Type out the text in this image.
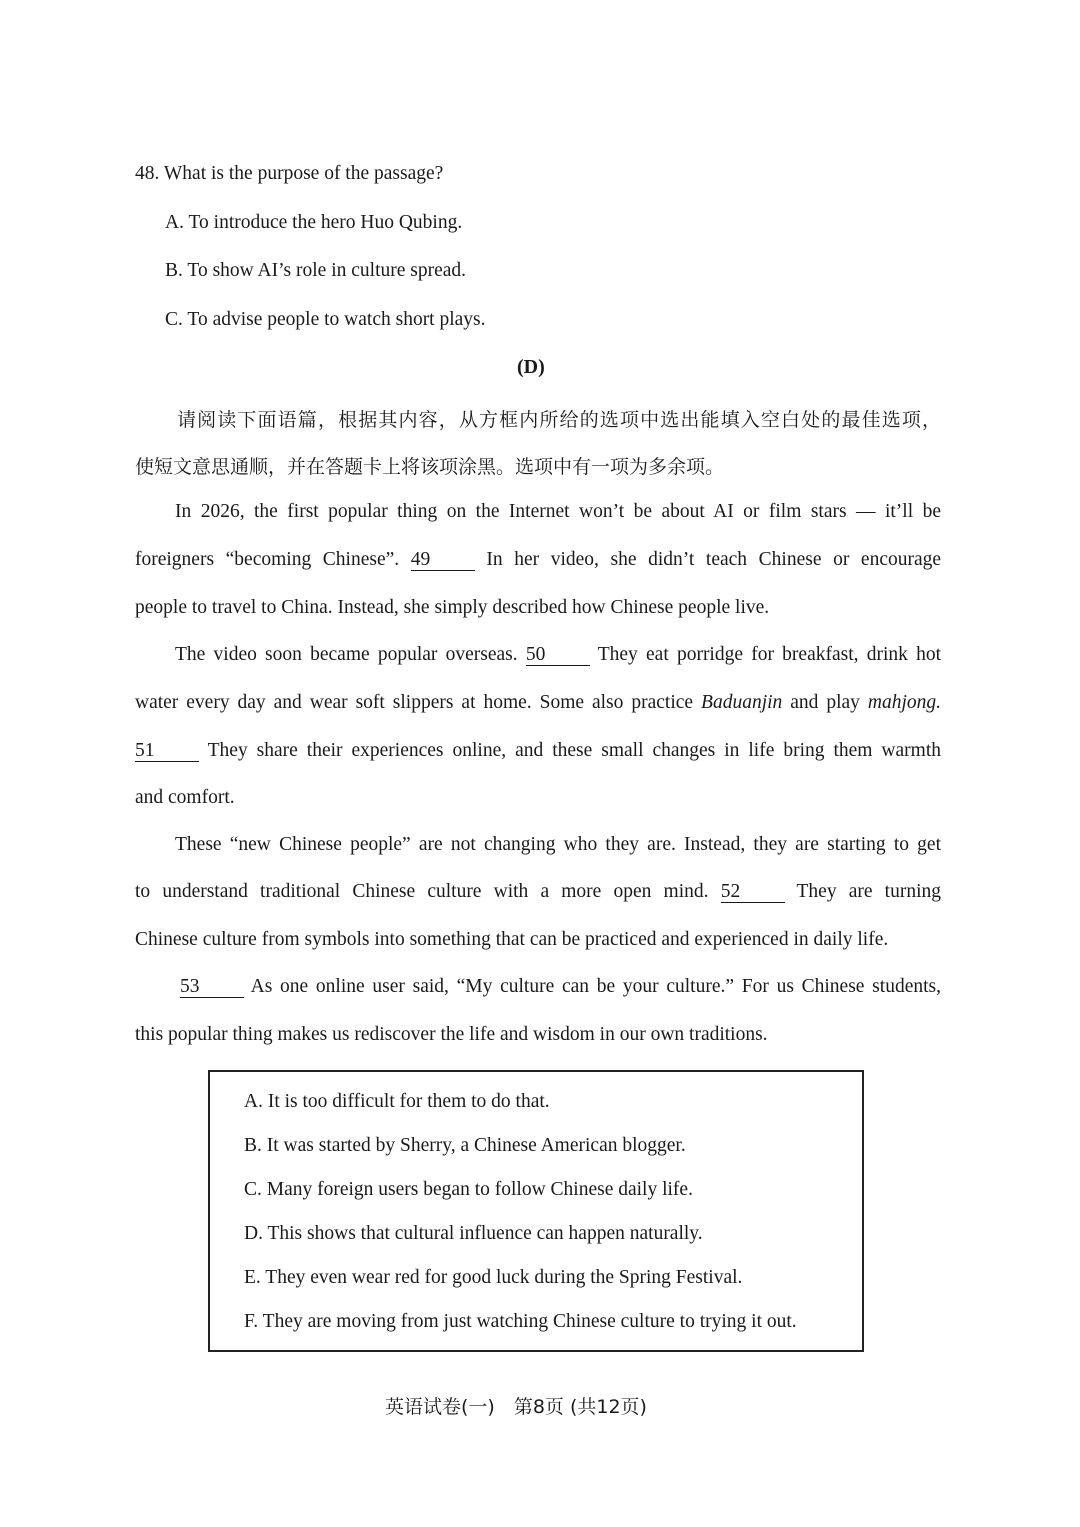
48. What is the purpose of the passage?
A. To introduce the hero Huo Qubing.
B. To show AI’s role in culture spread.
C. To advise people to watch short plays.
(D)
请阅读下面语篇，根据其内容，从方框内所给的选项中选出能填入空白处的最佳选项，
使短文意思通顺，并在答题卡上将该项涂黑。选项中有一项为多余项。
In 2026, the first popular thing on the Internet won’t be about AI or film stars — it’ll be
foreigners “becoming Chinese”. 49	In her video, she didn’t teach Chinese or encourage
people to travel to China. Instead, she simply described how Chinese people live.
The video soon became popular overseas. 50	They eat porridge for breakfast, drink hot
water every day and wear soft slippers at home. Some also practice Baduanjin and play mahjong.
51	They share their experiences online, and these small changes in life bring them warmth
and comfort.
These “new Chinese people” are not changing who they are. Instead, they are starting to get
to understand traditional Chinese culture with a more open mind. 52	They are turning
Chinese culture from symbols into something that can be practiced and experienced in daily life.
53	As one online user said, “My culture can be your culture.” For us Chinese students,
this popular thing makes us rediscover the life and wisdom in our own traditions.
A. It is too difficult for them to do that.
B. It was started by Sherry, a Chinese American blogger.
C. Many foreign users began to follow Chinese daily life.
D. This shows that cultural influence can happen naturally.
E. They even wear red for good luck during the Spring Festival.
F. They are moving from just watching Chinese culture to trying it out.
英语试卷(一)　第8页 (共12页)
